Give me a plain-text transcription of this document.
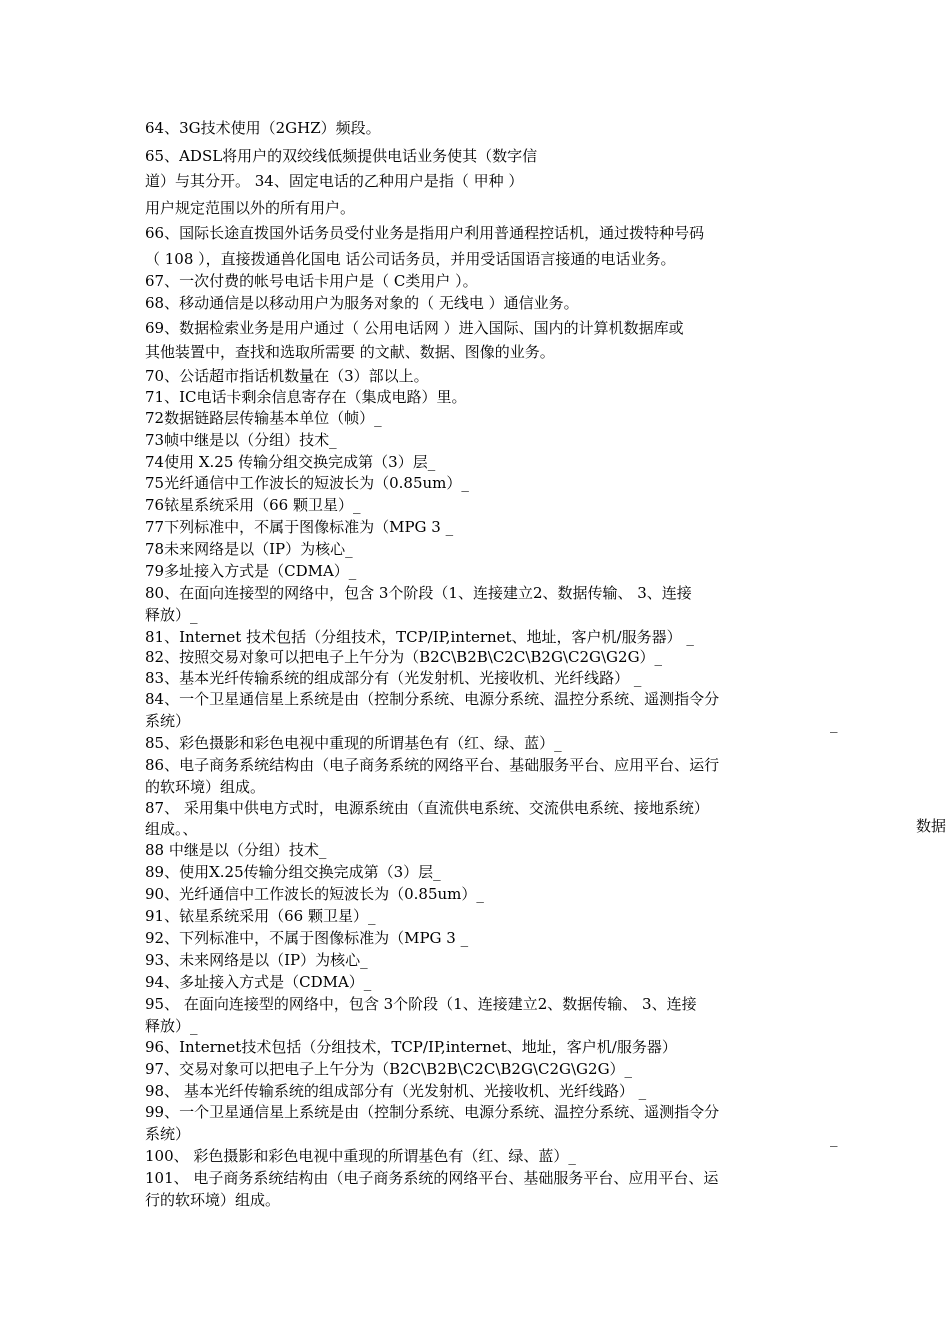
64、3G技术使用（2GHZ）频段。
65、ADSL将用户的双绞线低频提供电话业务使其（数字信
道）与其分开。 34、固定电话的乙种用户是指（ 甲种 ）
用户规定范围以外的所有用户。
66、国际长途直拨国外话务员受付业务是指用户利用普通程控话机，通过拨特种号码
（ 108 ），直接拨通兽化国电 话公司话务员，并用受话国语言接通的电话业务。
67、一次付费的帐号电话卡用户是（ C类用户 ）。
68、移动通信是以移动用户为服务对象的（ 无线电 ）通信业务。
69、数据检索业务是用户通过（ 公用电话网 ）进入国际、国内的计算机数据库或
其他装置中，查找和选取所需要 的文献、数据、图像的业务。
70、公话超市指话机数量在（3）部以上。
71、IC电话卡剩余信息寄存在（集成电路）里。
72数据链路层传输基本单位（帧）_
73帧中继是以（分组）技术_
74使用 X.25 传输分组交换完成第（3）层_
75光纤通信中工作波长的短波长为（0.85um）_
76铱星系统采用（66 颗卫星）_
77下列标准中，不属于图像标准为（MPG 3 _
78未来网络是以（IP）为核心_
79多址接入方式是（CDMA）_
80、在面向连接型的网络中，包含 3个阶段（1、连接建立2、数据传输、 3、连接
释放）_
81、Internet 技术包括（分组技术，TCP/IP,internet、地址，客户机/服务器） _
82、按照交易对象可以把电子上午分为（B2C\B2B\C2C\B2G\C2G\G2G）_
83、基本光纤传输系统的组成部分有（光发射机、光接收机、光纤线路） _
84、一个卫星通信星上系统是由（控制分系统、电源分系统、温控分系统、遥测指令分
系统）
85、彩色摄影和彩色电视中重现的所谓基色有（红、绿、蓝）_
86、电子商务系统结构由（电子商务系统的网络平台、基础服务平台、应用平台、运行
的软环境）组成。
87、 采用集中供电方式时，电源系统由（直流供电系统、交流供电系统、接地系统）
组成。、
88 中继是以（分组）技术_
89、使用X.25传输分组交换完成第（3）层_
90、光纤通信中工作波长的短波长为（0.85um）_
91、铱星系统采用（66 颗卫星）_
92、下列标准中，不属于图像标准为（MPG 3 _
93、未来网络是以（IP）为核心_
94、多址接入方式是（CDMA）_
95、 在面向连接型的网络中，包含 3个阶段（1、连接建立2、数据传输、 3、连接
释放）_
96、Internet技术包括（分组技术，TCP/IP,internet、地址，客户机/服务器）
97、交易对象可以把电子上午分为（B2C\B2B\C2C\B2G\C2G\G2G）_
98、 基本光纤传输系统的组成部分有（光发射机、光接收机、光纤线路） _
99、一个卫星通信星上系统是由（控制分系统、电源分系统、温控分系统、遥测指令分
系统）
100、 彩色摄影和彩色电视中重现的所谓基色有（红、绿、蓝）_
101、 电子商务系统结构由（电子商务系统的网络平台、基础服务平台、应用平台、运
行的软环境）组成。
_
数据
_
